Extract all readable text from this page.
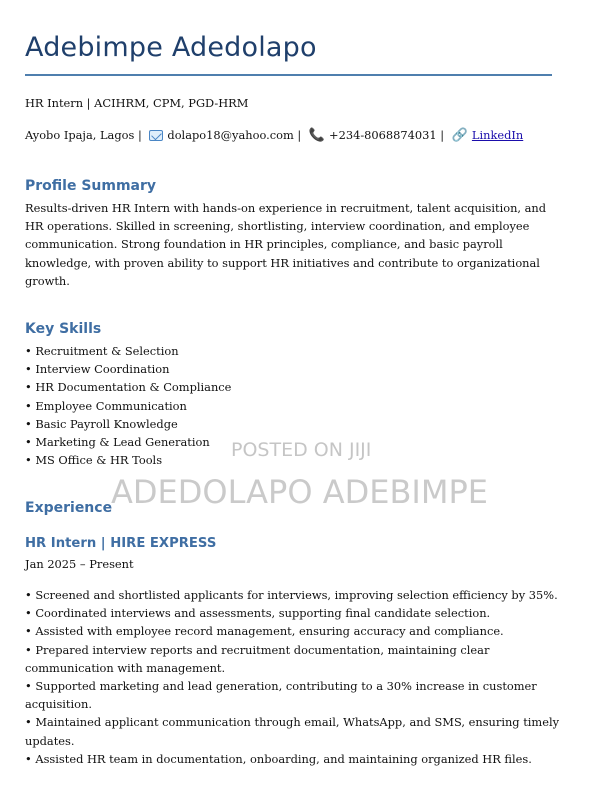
Adebimpe Adedolapo
HR Intern | ACIHRM, CPM, PGD-HRM
Ayobo Ipaja, Lagos | dolapo18@yahoo.com | 📞 +234-8068874031 | 🔗 LinkedIn
Profile Summary
Results-driven HR Intern with hands-on experience in recruitment, talent acquisition, and HR operations. Skilled in screening, shortlisting, interview coordination, and employee communication. Strong foundation in HR principles, compliance, and basic payroll knowledge, with proven ability to support HR initiatives and contribute to organizational growth.
Key Skills
• Recruitment & Selection
• Interview Coordination
• HR Documentation & Compliance
• Employee Communication
• Basic Payroll Knowledge
• Marketing & Lead Generation
• MS Office & HR Tools
Experience
HR Intern | HIRE EXPRESS
Jan 2025 – Present
• Screened and shortlisted applicants for interviews, improving selection efficiency by 35%.
• Coordinated interviews and assessments, supporting final candidate selection.
• Assisted with employee record management, ensuring accuracy and compliance.
• Prepared interview reports and recruitment documentation, maintaining clear communication with management.
• Supported marketing and lead generation, contributing to a 30% increase in customer acquisition.
• Maintained applicant communication through email, WhatsApp, and SMS, ensuring timely updates.
• Assisted HR team in documentation, onboarding, and maintaining organized HR files.
POSTED ON JIJI
ADEDOLAPO ADEBIMPE
